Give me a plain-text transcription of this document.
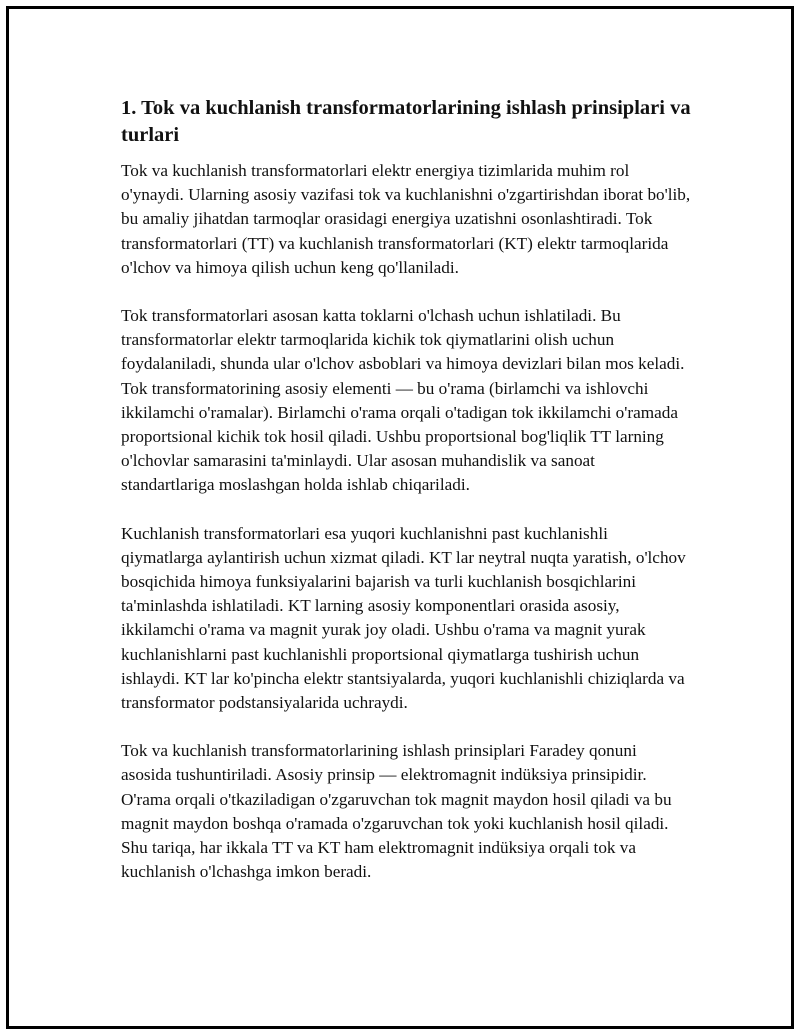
1. Tok va kuchlanish transformatorlarining ishlash prinsiplari va turlari

Tok va kuchlanish transformatorlari elektr energiya tizimlarida muhim rol o'ynaydi. Ularning asosiy vazifasi tok va kuchlanishni o'zgartirishdan iborat bo'lib, bu amaliy jihatdan tarmoqlar orasidagi energiya uzatishni osonlashtiradi. Tok transformatorlari (TT) va kuchlanish transformatorlari (KT) elektr tarmoqlarida o'lchov va himoya qilish uchun keng qo'llaniladi.

Tok transformatorlari asosan katta toklarni o'lchash uchun ishlatiladi. Bu transformatorlar elektr tarmoqlarida kichik tok qiymatlarini olish uchun foydalaniladi, shunda ular o'lchov asboblari va himoya devizlari bilan mos keladi. Tok transformatorining asosiy elementi — bu o'rama (birlamchi va ishlovchi ikkilamchi o'ramalar). Birlamchi o'rama orqali o'tadigan tok ikkilamchi o'ramada proportsional kichik tok hosil qiladi. Ushbu proportsional bog'liqlik TT larning o'lchovlar samarasini ta'minlaydi. Ular asosan muhandislik va sanoat standartlariga moslashgan holda ishlab chiqariladi.

Kuchlanish transformatorlari esa yuqori kuchlanishni past kuchlanishli qiymatlarga aylantirish uchun xizmat qiladi. KT lar neytral nuqta yaratish, o'lchov bosqichida himoya funksiyalarini bajarish va turli kuchlanish bosqichlarini ta'minlashda ishlatiladi. KT larning asosiy komponentlari orasida asosiy, ikkilamchi o'rama va magnit yurak joy oladi. Ushbu o'rama va magnit yurak kuchlanishlarni past kuchlanishli proportsional qiymatlarga tushirish uchun ishlaydi. KT lar ko'pincha elektr stantsiyalarda, yuqori kuchlanishli chiziqlarda va transformator podstansiyalarida uchraydi.

Tok va kuchlanish transformatorlarining ishlash prinsiplari Faradey qonuni asosida tushuntiriladi. Asosiy prinsip — elektromagnit indüksiya prinsipidir. O'rama orqali o'tkaziladigan o'zgaruvchan tok magnit maydon hosil qiladi va bu magnit maydon boshqa o'ramada o'zgaruvchan tok yoki kuchlanish hosil qiladi. Shu tariqa, har ikkala TT va KT ham elektromagnit indüksiya orqali tok va kuchlanish o'lchashga imkon beradi.
